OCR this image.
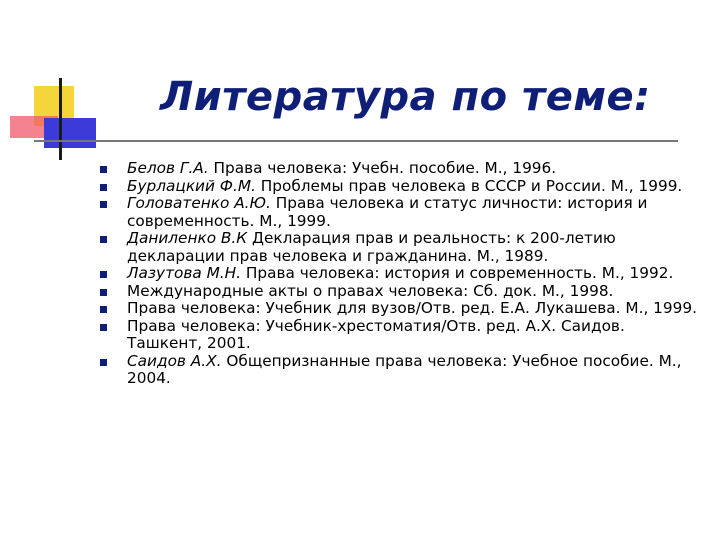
Литература по теме:
Белов Г.А. Права человека: Учебн. пособие. М., 1996.
Бурлацкий Ф.М. Проблемы прав человека в СССР и России. М., 1999.
Головатенко А.Ю. Права человека и статус личности: история и современность. М., 1999.
Даниленко В.К Декларация прав и реальность: к 200-летию декларации прав человека и гражданина. М., 1989.
Лазутова М.Н. Права человека: история и современность. М., 1992.
Международные акты о правах человека: Сб. док. М., 1998.
Права человека: Учебник для вузов/Отв. ред. Е.А. Лукашева. М., 1999.
Права человека: Учебник-хрестоматия/Отв. ред. А.Х. Саидов. Ташкент, 2001.
Саидов А.Х. Общепризнанные права человека: Учебное пособие. М., 2004.
